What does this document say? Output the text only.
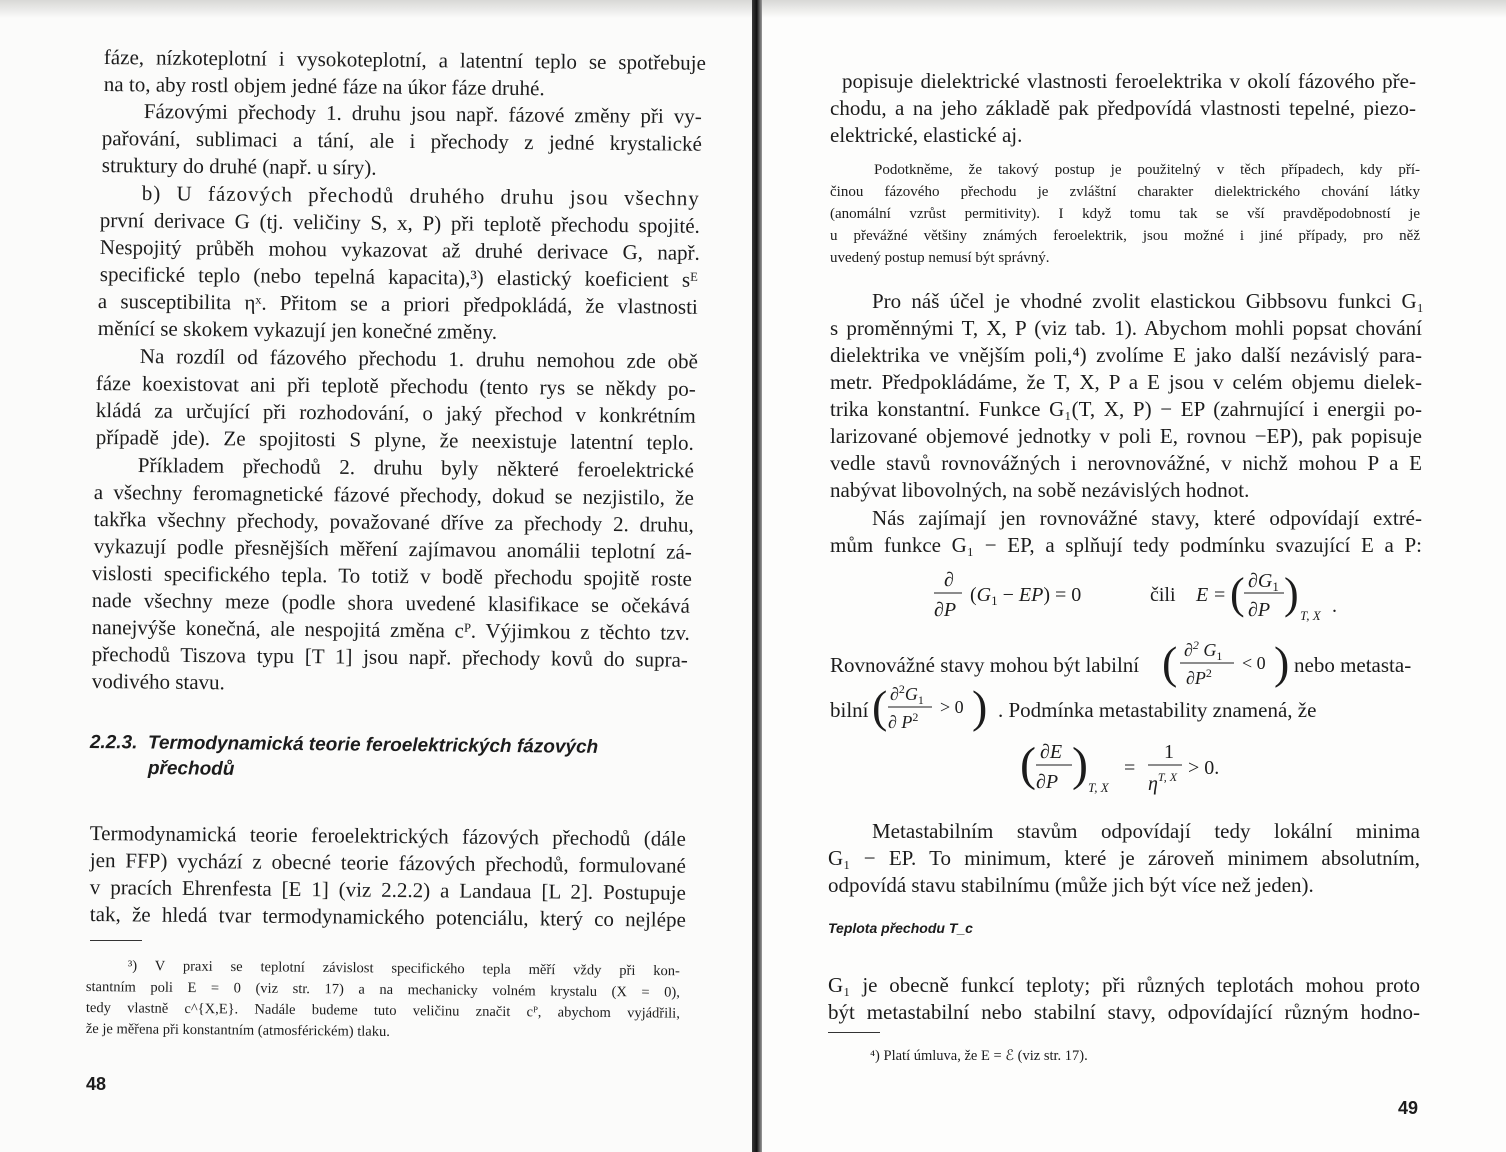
fáze, nízkoteplotní i vysokoteplotní, a latentní teplo se spotřebuje
na to, aby rostl objem jedné fáze na úkor fáze druhé.
Fázovými přechody 1. druhu jsou např. fázové změny při vy-
pařování, sublimaci a tání, ale i přechody z jedné krystalické
struktury do druhé (např. u síry).
b) U fázových přechodů druhého druhu jsou všechny
první derivace G (tj. veličiny S, x, P) při teplotě přechodu spojité.
Nespojitý průběh mohou vykazovat až druhé derivace G, např.
specifické teplo (nebo tepelná kapacita),³) elastický koeficient sᴱ
a susceptibilita ηˣ. Přitom se a priori předpokládá, že vlastnosti
měnící se skokem vykazují jen konečné změny.
Na rozdíl od fázového přechodu 1. druhu nemohou zde obě
fáze koexistovat ani při teplotě přechodu (tento rys se někdy po-
kládá za určující při rozhodování, o jaký přechod v konkrétním
případě jde). Ze spojitosti S plyne, že neexistuje latentní teplo.
Příkladem přechodů 2. druhu byly některé feroelektrické
a všechny feromagnetické fázové přechody, dokud se nezjistilo, že
takřka všechny přechody, považované dříve za přechody 2. druhu,
vykazují podle přesnějších měření zajímavou anomálii teplotní zá-
vislosti specifického tepla. To totiž v bodě přechodu spojitě roste
nade všechny meze (podle shora uvedené klasifikace se očekává
nanejvýše konečná, ale nespojitá změna cᴾ. Výjimkou z těchto tzv.
přechodů Tiszova typu [T 1] jsou např. přechody kovů do supra-
vodivého stavu.
2.2.3. Termodynamická teorie feroelektrických fázových
přechodů
Termodynamická teorie feroelektrických fázových přechodů (dále
jen FFP) vychází z obecné teorie fázových přechodů, formulované
v pracích Ehrenfesta [E 1] (viz 2.2.2) a Landaua [L 2]. Postupuje
tak, že hledá tvar termodynamického potenciálu, který co nejlépe
³) V praxi se teplotní závislost specifického tepla měří vždy při kon-
stantním poli E = 0 (viz str. 17) a na mechanicky volném krystalu (X = 0),
tedy vlastně c^{X,E}. Nadále budeme tuto veličinu značit cᴾ, abychom vyjádřili,
že je měřena při konstantním (atmosférickém) tlaku.
48
popisuje dielektrické vlastnosti feroelektrika v okolí fázového pře-
chodu, a na jeho základě pak předpovídá vlastnosti tepelné, piezo-
elektrické, elastické aj.
Podotkněme, že takový postup je použitelný v těch případech, kdy pří-
činou fázového přechodu je zvláštní charakter dielektrického chování látky
(anomální vzrůst permitivity). I když tomu tak se vší pravděpodobností je
u převážné většiny známých feroelektrik, jsou možné i jiné případy, pro něž
uvedený postup nemusí být správný.
Pro náš účel je vhodné zvolit elastickou Gibbsovu funkci G₁
s proměnnými T, X, P (viz tab. 1). Abychom mohli popsat chování
dielektrika ve vnějším poli,⁴) zvolíme E jako další nezávislý para-
metr. Předpokládáme, že T, X, P a E jsou v celém objemu dielek-
trika konstantní. Funkce G₁(T, X, P) − EP (zahrnující i energii po-
larizované objemové jednotky v poli E, rovnou −EP), pak popisuje
vedle stavů rovnovážných i nerovnovážné, v nichž mohou P a E
nabývat libovolných, na sobě nezávislých hodnot.
Nás zajímají jen rovnovážné stavy, které odpovídají extré-
mům funkce G₁ − EP, a splňují tedy podmínku svazující E a P:
∂
∂P
$(G_1 - EP) = 0$	čili E = ( $\partial G_1$
∂P ) T, X .
Rovnovážné stavy mohou být labilní ( ∂$^2$ $G_1$
$\partial P^2 < 0$ ) nebo metasta-
bilní ( $\partial^2G_1$
∂ $P^2 > 0$ ) . Podmínka metastability znamená, že
( ∂E
∂P ) T, X
=
1
$\eta^{T, X} > 0$.
Metastabilním stavům odpovídají tedy lokální minima
G₁ − EP. To minimum, které je zároveň minimem absolutním,
odpovídá stavu stabilnímu (může jich být více než jeden).
Teplota přechodu T_c
G₁ je obecně funkcí teploty; při různých teplotách mohou proto
být metastabilní nebo stabilní stavy, odpovídající různým hodno-
⁴) Platí úmluva, že E = ℰ (viz str. 17).
49
